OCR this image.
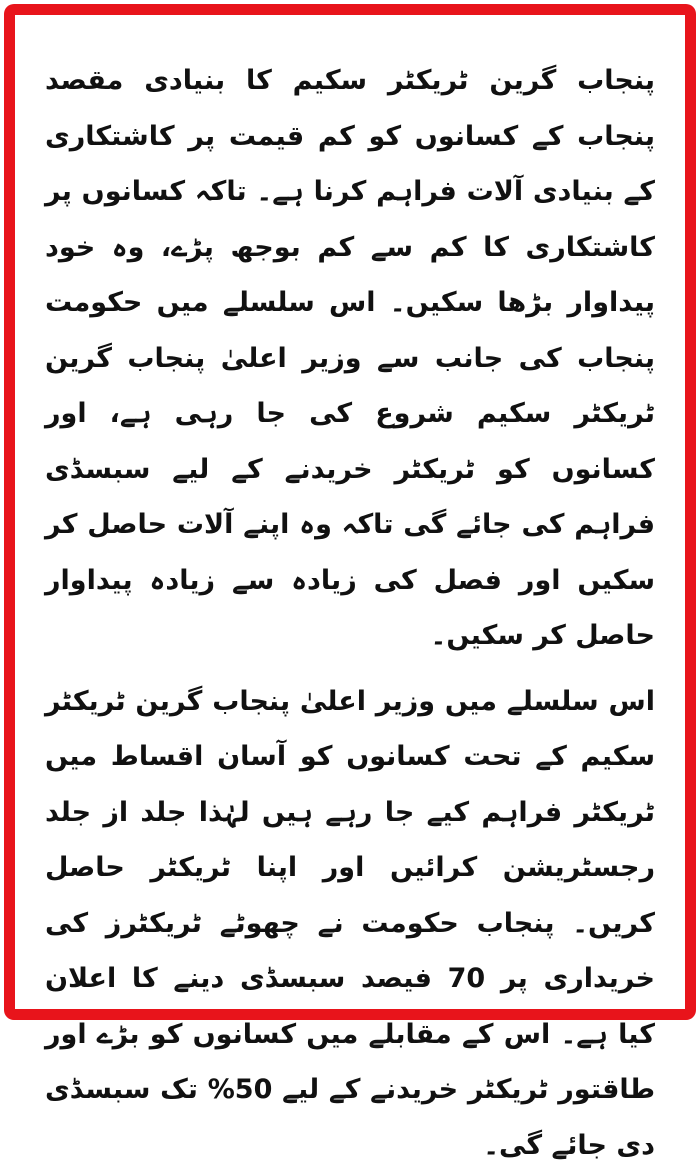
پنجاب گرین ٹریکٹر سکیم کا بنیادی مقصد پنجاب کے کسانوں کو کم قیمت پر کاشتکاری کے بنیادی آلات فراہم کرنا ہے۔ تاکہ کسانوں پر کاشتکاری کا کم سے کم بوجھ پڑے، وہ خود پیداوار بڑھا سکیں۔ اس سلسلے میں حکومت پنجاب کی جانب سے وزیر اعلیٰ پنجاب گرین ٹریکٹر سکیم شروع کی جا رہی ہے، اور کسانوں کو ٹریکٹر خریدنے کے لیے سبسڈی فراہم کی جائے گی تاکہ وہ اپنے آلات حاصل کر سکیں اور فصل کی زیادہ سے زیادہ پیداوار حاصل کر سکیں۔

اس سلسلے میں وزیر اعلیٰ پنجاب گرین ٹریکٹر سکیم کے تحت کسانوں کو آسان اقساط میں ٹریکٹر فراہم کیے جا رہے ہیں لہٰذا جلد از جلد رجسٹریشن کرائیں اور اپنا ٹریکٹر حاصل کریں۔ پنجاب حکومت نے چھوٹے ٹریکٹرز کی خریداری پر 70 فیصد سبسڈی دینے کا اعلان کیا ہے۔ اس کے مقابلے میں کسانوں کو بڑے اور طاقتور ٹریکٹر خریدنے کے لیے 50% تک سبسڈی دی جائے گی۔
